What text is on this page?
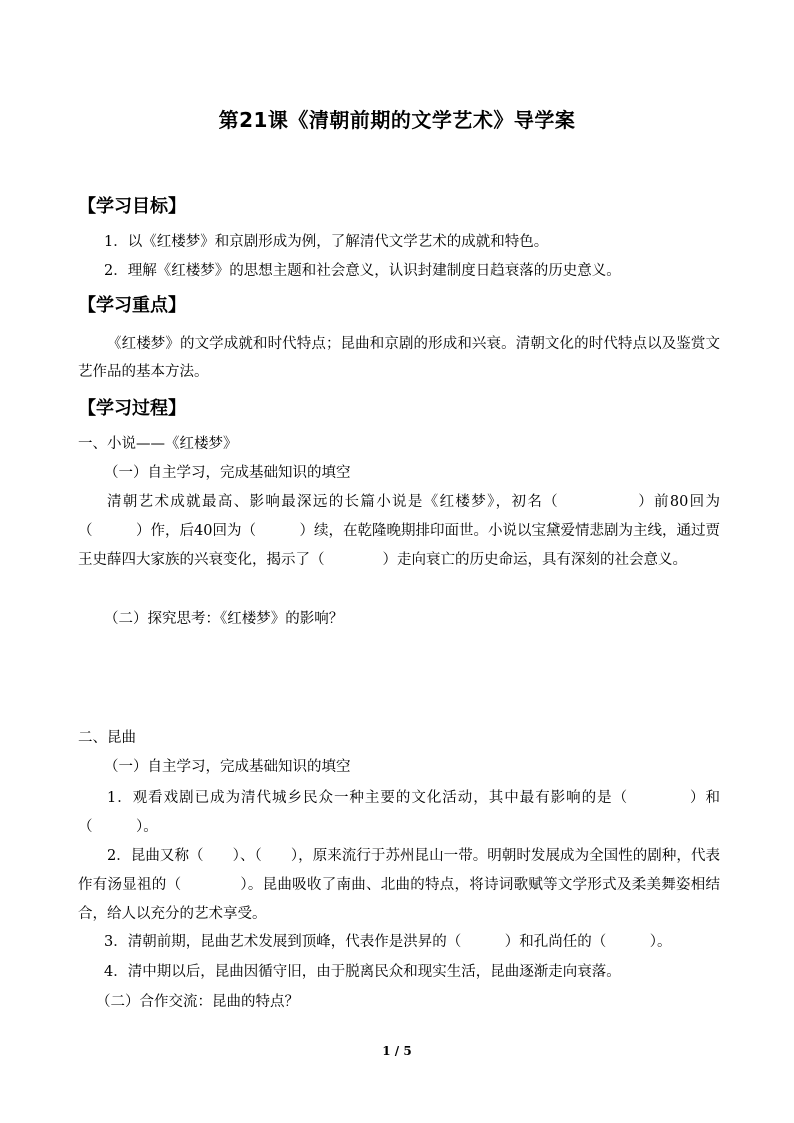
第21课《清朝前期的文学艺术》导学案
【学习目标】
1．以《红楼梦》和京剧形成为例，了解清代文学艺术的成就和特色。
2．理解《红楼梦》的思想主题和社会意义，认识封建制度日趋衰落的历史意义。
【学习重点】
《红楼梦》的文学成就和时代特点；昆曲和京剧的形成和兴衰。清朝文化的时代特点以及鉴赏文艺作品的基本方法。
【学习过程】
一、小说——《红楼梦》
（一）自主学习，完成基础知识的填空
清朝艺术成就最高、影响最深远的长篇小说是《红楼梦》，初名（　　　　　）前80回为（　　　）作，后40回为（　　　）续，在乾隆晚期排印面世。小说以宝黛爱情悲剧为主线，通过贾王史薛四大家族的兴衰变化，揭示了（　　　　）走向衰亡的历史命运，具有深刻的社会意义。
（二）探究思考：《红楼梦》的影响？
二、昆曲
（一）自主学习，完成基础知识的填空
1．观看戏剧已成为清代城乡民众一种主要的文化活动，其中最有影响的是（　　　　）和（　　　）。
2．昆曲又称（　　）、（　　），原来流行于苏州昆山一带。明朝时发展成为全国性的剧种，代表作有汤显祖的（　　　　）。昆曲吸收了南曲、北曲的特点，将诗词歌赋等文学形式及柔美舞姿相结合，给人以充分的艺术享受。
3．清朝前期，昆曲艺术发展到顶峰，代表作是洪昇的（　　　）和孔尚任的（　　　）。
4．清中期以后，昆曲因循守旧，由于脱离民众和现实生活，昆曲逐渐走向衰落。
（二）合作交流：昆曲的特点？
1 / 5
